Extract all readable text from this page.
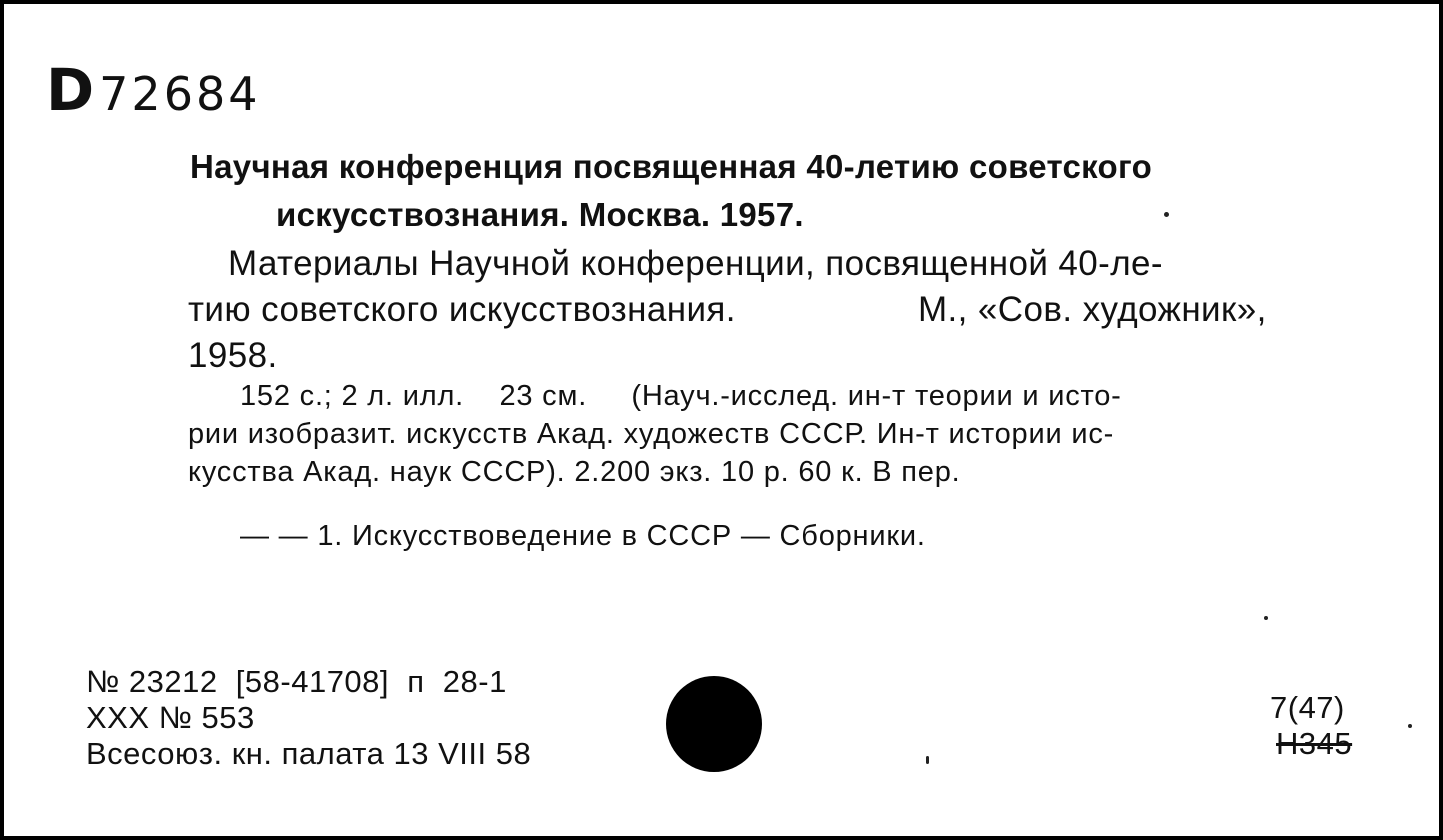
D72684
Научная конференция посвященная 40-летию советского
искусствознания. Москва. 1957.
Материалы Научной конференции, посвященной 40-ле-
тию советского искусствознания.	М., «Сов. художник»,
1958.
152 с.; 2 л. илл.    23 см.     (Науч.-исслед. ин-т теории и исто-
рии изобразит. искусств Акад. художеств СССР. Ин-т истории ис-
кусства Акад. наук СССР). 2.200 экз. 10 р. 60 к. В пер.
— — 1. Искусствоведение в СССР — Сборники.
№ 23212  [58-41708]  п  28-1
ХХХ № 553
Всесоюз. кн. палата 13 VIII 58
7(47)
Н345
